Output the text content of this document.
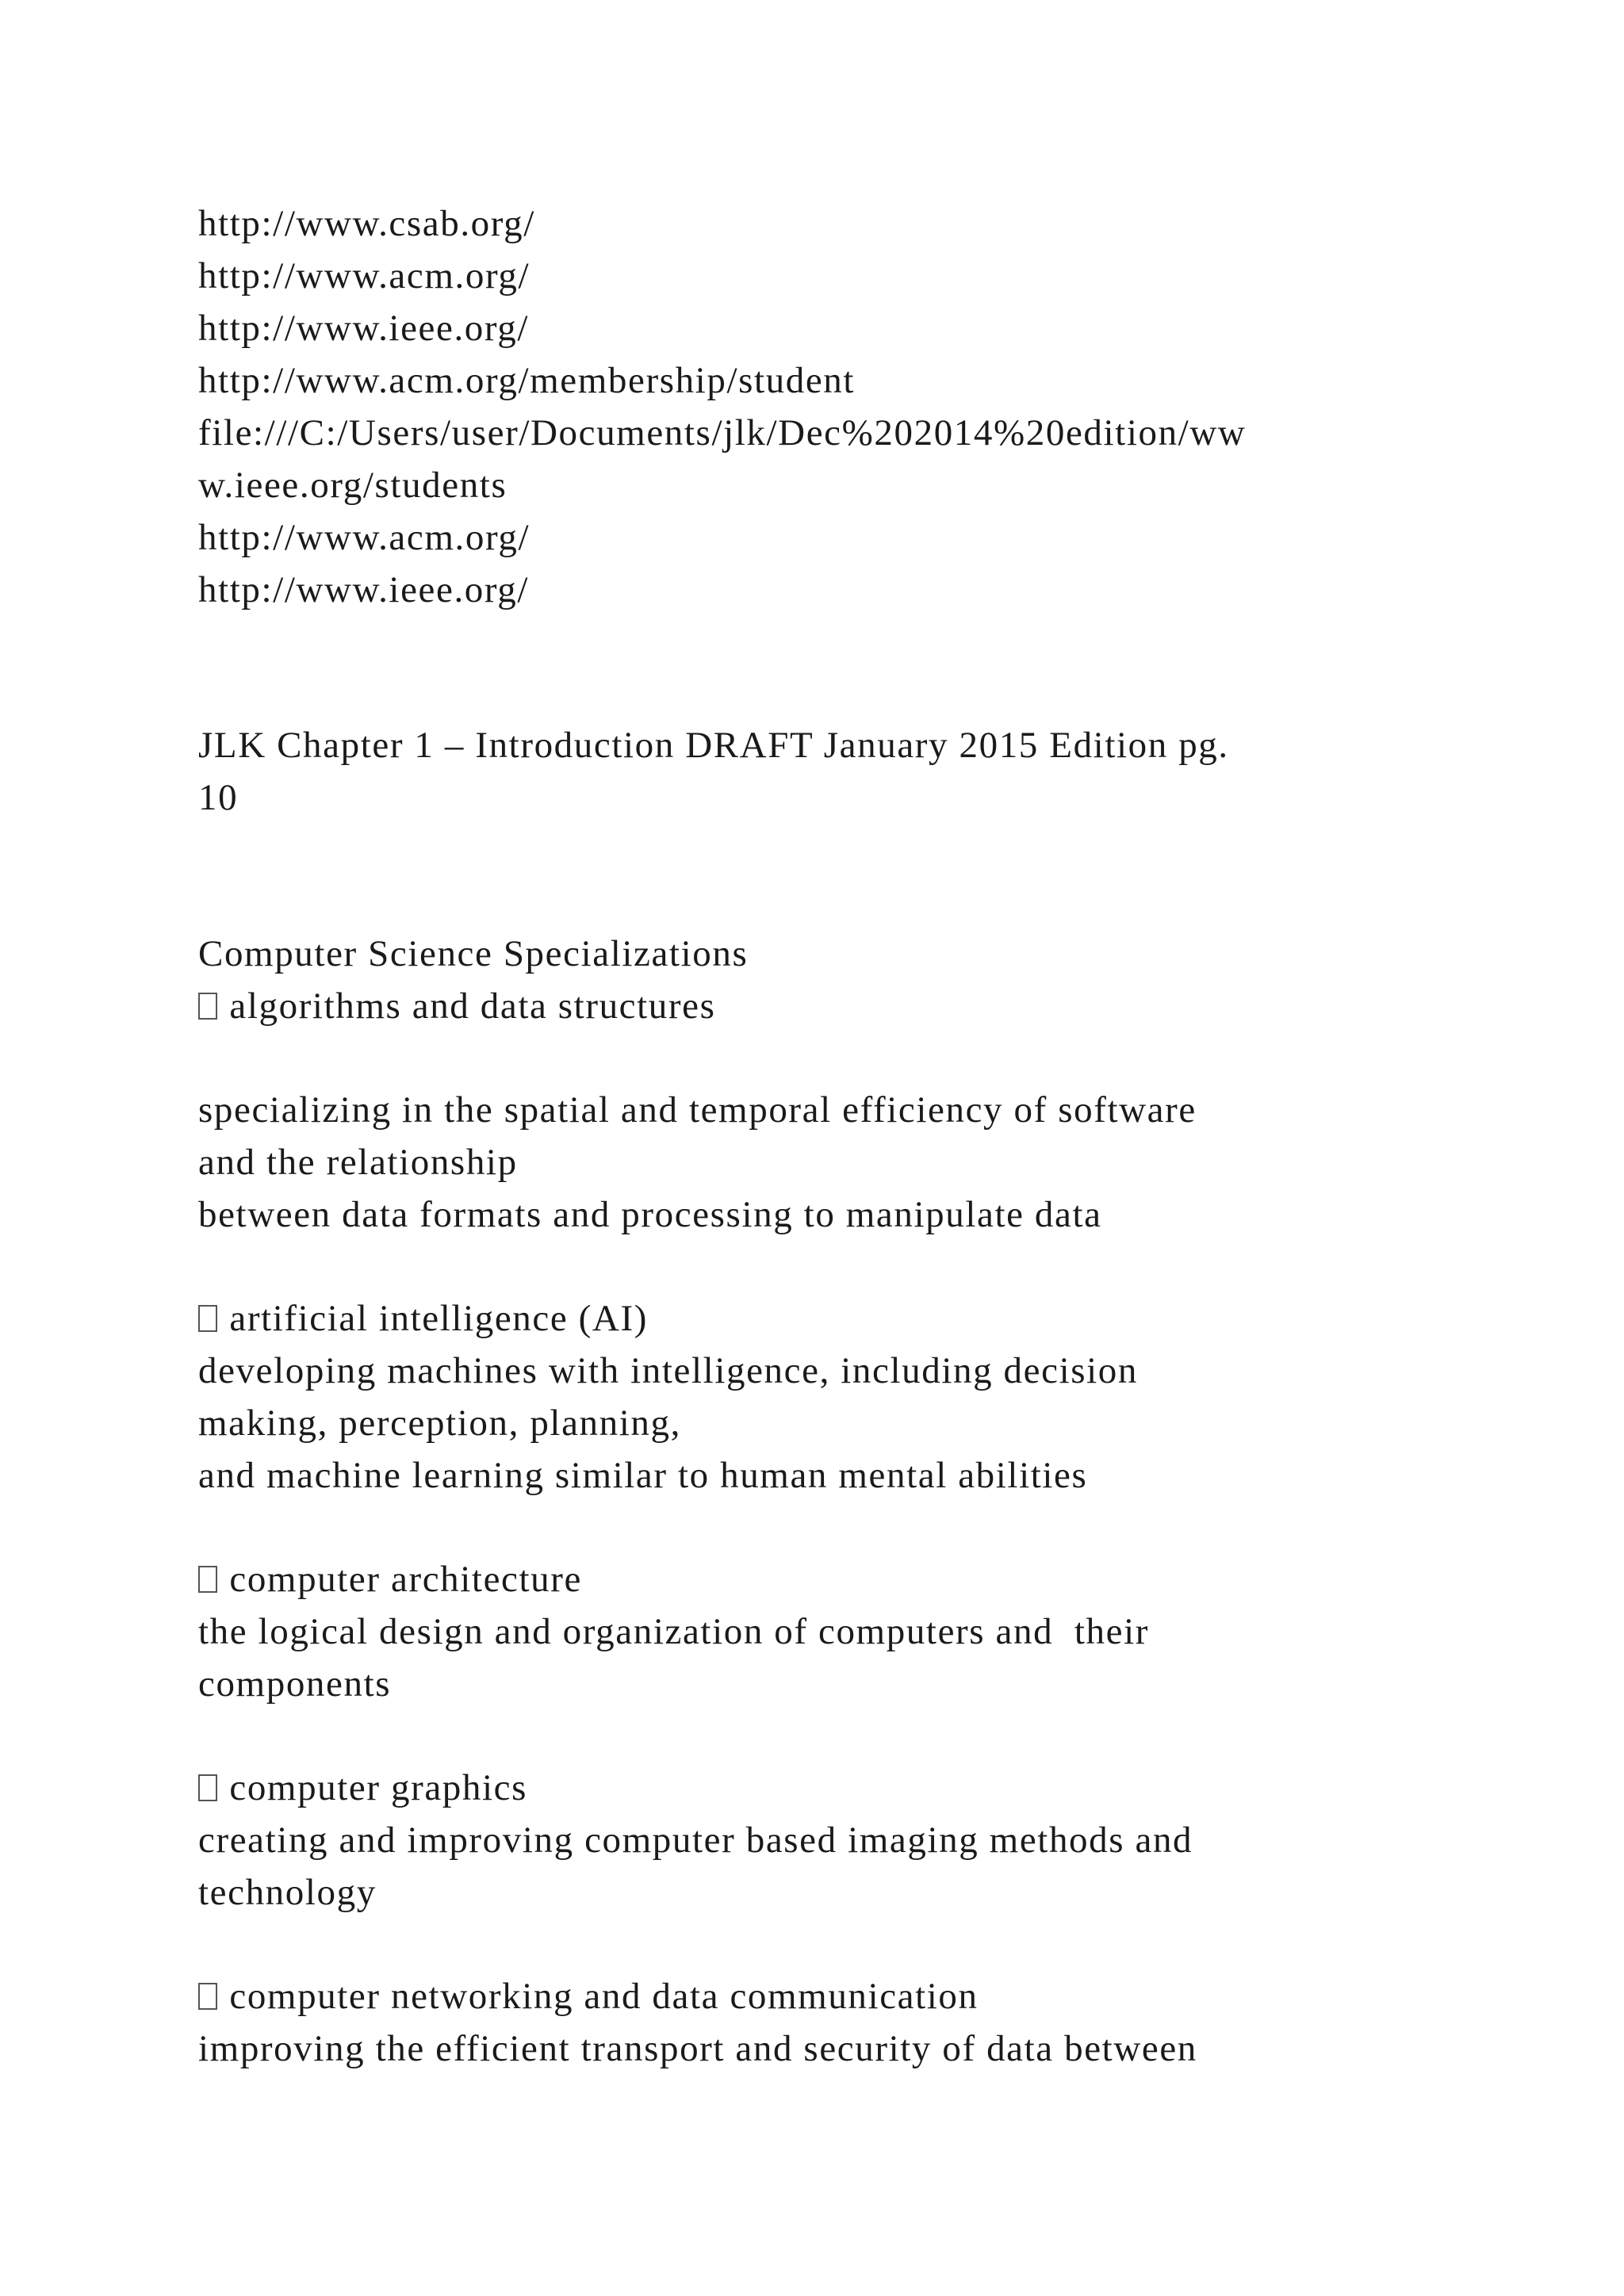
http://www.csab.org/
http://www.acm.org/
http://www.ieee.org/
http://www.acm.org/membership/student
file:///C:/Users/user/Documents/jlk/Dec%202014%20edition/ww
w.ieee.org/students
http://www.acm.org/
http://www.ieee.org/
JLK Chapter 1 – Introduction DRAFT January 2015 Edition pg.
10
Computer Science Specializations
algorithms and data structures
specializing in the spatial and temporal efficiency of software
and the relationship
between data formats and processing to manipulate data
artificial intelligence (AI)
developing machines with intelligence, including decision
making, perception, planning,
and machine learning similar to human mental abilities
computer architecture
the logical design and organization of computers and  their
components
computer graphics
creating and improving computer based imaging methods and
technology
computer networking and data communication
improving the efficient transport and security of data between
